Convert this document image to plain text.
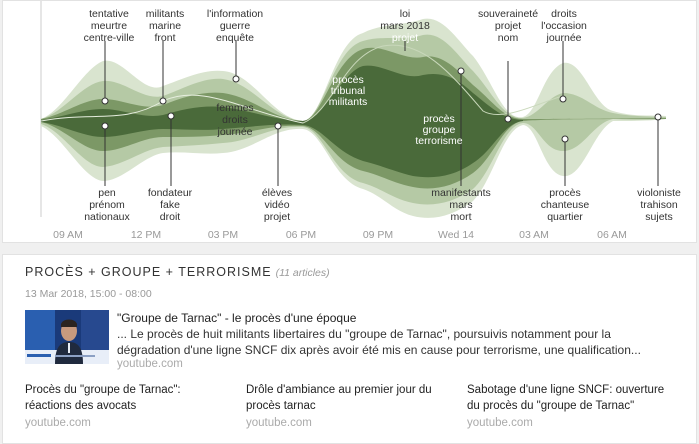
tentative meurtre centre-ville
militants marine front
l'information guerre enquête
loi mars 2018 projet
souveraineté projet nom
droits l'occasion journée
femmes droits journée
procès tribunal militants
procès groupe terrorisme
pen prénom nationaux
fondateur fake droit
élèves vidéo projet
manifestants mars mort
procès chanteuse quartier
violoniste trahison sujets
09 AM	12 PM	03 PM	06 PM	09 PM	Wed 14	03 AM	06 AM
PROCÈS + GROUPE + TERRORISME (11 articles)
13 Mar 2018, 15:00 - 08:00
"Groupe de Tarnac" - le procès d'une époque
... Le procès de huit militants libertaires du "groupe de Tarnac", poursuivis notamment pour la
dégradation d'une ligne SNCF dix après avoir été mis en cause pour terrorisme, une qualification...
youtube.com
Procès du "groupe de Tarnac":
réactions des avocats
youtube.com
Drôle d'ambiance au premier jour du
procès tarnac
youtube.com
Sabotage d'une ligne SNCF: ouverture
du procès du "groupe de Tarnac"
youtube.com
